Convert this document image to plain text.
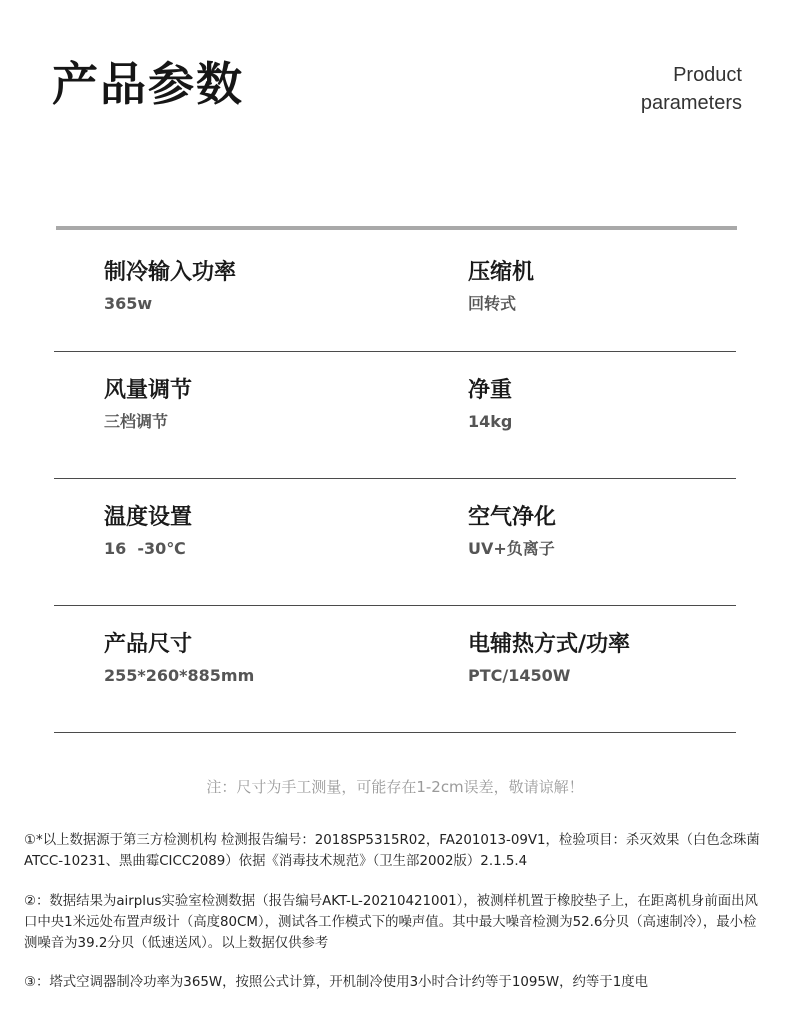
产品参数	Product
parameters
制冷输入功率
365w
压缩机
回转式
风量调节
三档调节
净重
14kg
温度设置
16  -30℃
空气净化
UV+负离子
产品尺寸
255*260*885mm
电辅热方式/功率
PTC/1450W
注：尺寸为手工测量，可能存在1-2cm误差，敬请谅解！
①*以上数据源于第三方检测机构 检测报告编号：2018SP5315R02，FA201013-09V1，检验项目：杀灭效果（白色念珠菌ATCC-10231、黑曲霉CICC2089）依据《消毒技术规范》（卫生部2002版）2.1.5.4
②：数据结果为airplus实验室检测数据（报告编号AKT-L-20210421001），被测样机置于橡胶垫子上，在距离机身前面出风口中央1米远处布置声级计（高度80CM），测试各工作模式下的噪声值。其中最大噪音检测为52.6分贝（高速制冷），最小检测噪音为39.2分贝（低速送风）。以上数据仅供参考
③：塔式空调器制冷功率为365W，按照公式计算，开机制冷使用3小时合计约等于1095W，约等于1度电
